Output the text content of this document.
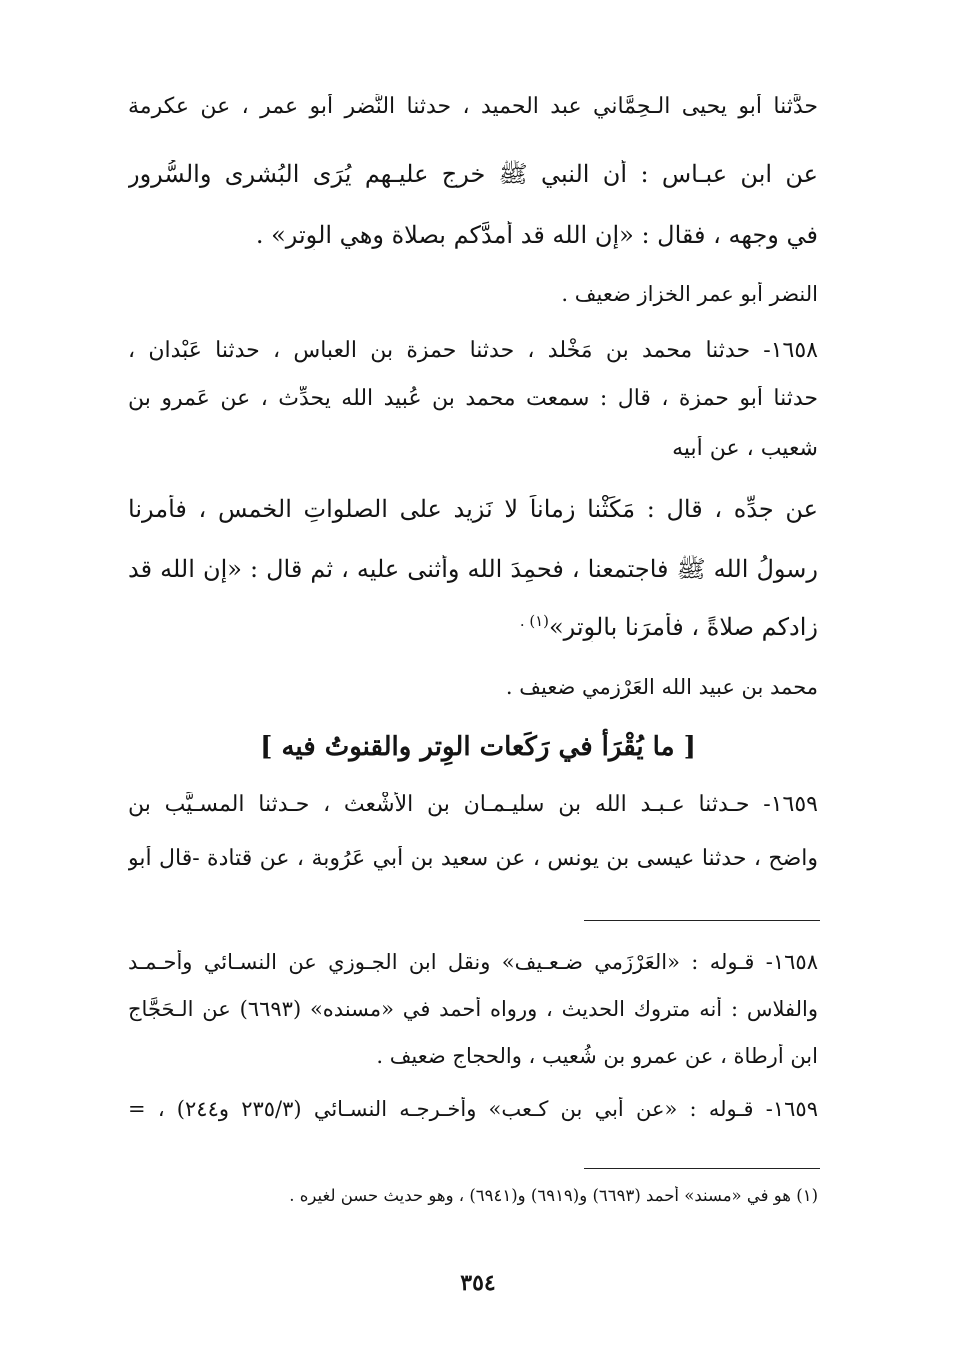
حدَّثنا أبو يحيى الـحِمَّاني عبد الحميد ، حدثنا النَّضر أبو عمر ، عن عكرمة
عن ابن عبـاس : أن النبي ﷺ خرج عليـهم يُرَى البُشرى والسُّرور
في وجهه ، فقال : «إن الله قد أمدَّكم بصلاة وهي الوِتر» .
النضر أبو عمر الخزاز ضعيف .
١٦٥٨- حدثنا محمد بن مَخْلد ، حدثنا حمزة بن العباس ، حدثنا عَبْدان ،
حدثنا أبو حمزة ، قال : سمعت محمد بن عُبيد الله يحدِّث ، عن عَمرو بن
شعيب ، عن أبيه
عن جدِّه ، قال : مَكَثْنا زماناً لا نَزيد على الصلواتِ الخمس ، فأمرنا
رسولُ الله ﷺ فاجتمعنا ، فحمِدَ الله وأثنى عليه ، ثم قال : «إن الله قد
زادكم صلاةً ، فأمرَنا بالوِتر»$^{(١) .}$
محمد بن عبيد الله العَرْزمي ضعيف .
[ ما يُقْرَأ في رَكَعات الوِتر والقنوتُ فيه ]
١٦٥٩- حـدثنا عـبـد الله بن سليـمـان بن الأشْعث ، حـدثنا المسـيَّب بن
واضح ، حدثنا عيسى بن يونس ، عن سعيد بن أبي عَرُوبة ، عن قتادة -قال أبو
١٦٥٨- قـوله : «العَرْزَمي ضـعـيف» ونقل ابن الجـوزي عن النسـائي وأحـمـد
والفلاس : أنه متروك الحديث ، ورواه أحمد في «مسنده» (٦٦٩٣) عن الـحَجَّاج
ابن أرطاة ، عن عمرو بن شُعيب ، والحجاج ضعيف .
١٦٥٩- قـوله : «عن أبي بن كـعب» وأخـرجـه النسـائي (٢٣٥/٣ و٢٤٤) ، =
(١) هو في «مسند» أحمد (٦٦٩٣) و(٦٩١٩) و(٦٩٤١) ، وهو حديث حسن لغيره .
٣٥٤
